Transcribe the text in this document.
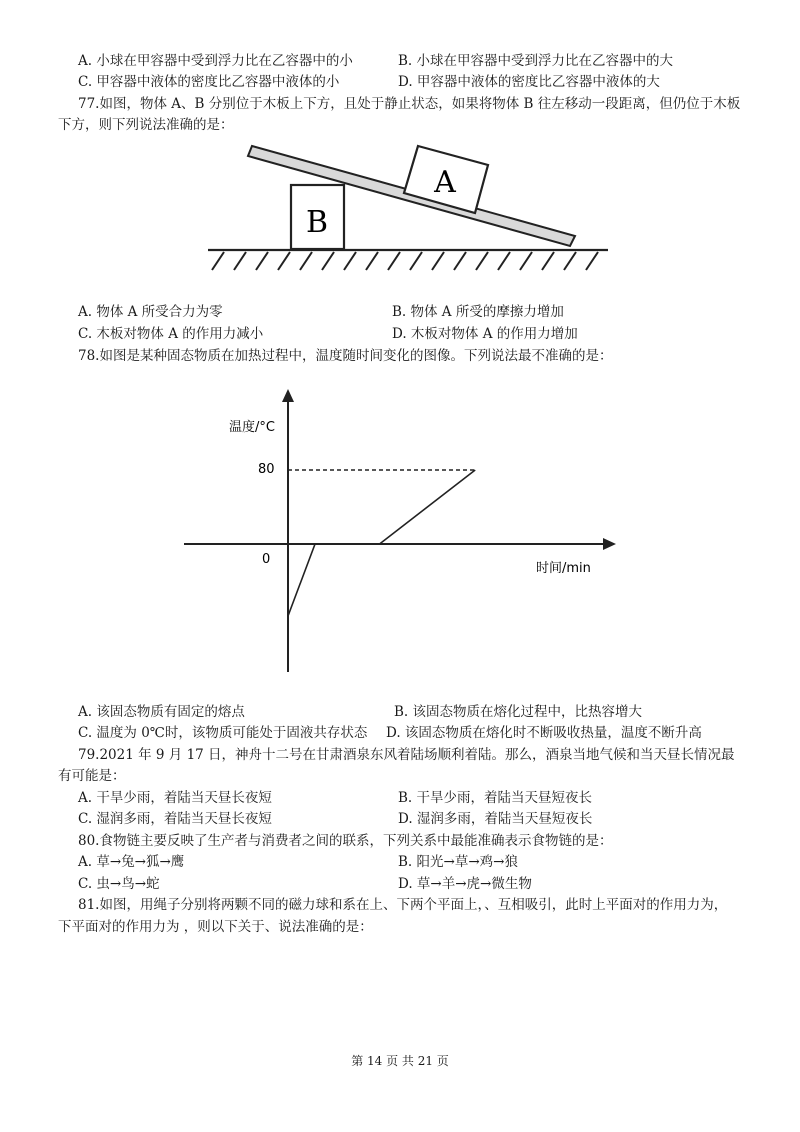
A. 小球在甲容器中受到浮力比在乙容器中的小	B. 小球在甲容器中受到浮力比在乙容器中的大
C. 甲容器中液体的密度比乙容器中液体的小	D. 甲容器中液体的密度比乙容器中液体的大
77.如图，物体 A、B 分别位于木板上下方，且处于静止状态，如果将物体 B 往左移动一段距离，但仍位于木板
下方，则下列说法准确的是：
B
A
A. 物体 A 所受合力为零	B. 物体 A 所受的摩擦力增加
C. 木板对物体 A 的作用力减小	D. 木板对物体 A 的作用力增加
78.如图是某种固态物质在加热过程中，温度随时间变化的图像。下列说法最不准确的是：
温度/°C
时间/min
80
0
A. 该固态物质有固定的熔点	B. 该固态物质在熔化过程中，比热容增大
C. 温度为 0℃时，该物质可能处于固液共存状态 D. 该固态物质在熔化时不断吸收热量，温度不断升高
79.2021 年 9 月 17 日，神舟十二号在甘肃酒泉东风着陆场顺利着陆。那么，酒泉当地气候和当天昼长情况最
有可能是：
A. 干旱少雨，着陆当天昼长夜短	B. 干旱少雨，着陆当天昼短夜长
C. 湿润多雨，着陆当天昼长夜短	D. 湿润多雨，着陆当天昼短夜长
80.食物链主要反映了生产者与消费者之间的联系，下列关系中最能准确表示食物链的是：
A. 草→兔→狐→鹰	B. 阳光→草→鸡→狼
C. 虫→鸟→蛇	D. 草→羊→虎→微生物
81.如图，用绳子分别将两颗不同的磁力球和系在上、下两个平面上，、互相吸引，此时上平面对的作用力为，
下平面对的作用力为 ，则以下关于、说法准确的是：
第 14 页 共 21 页
